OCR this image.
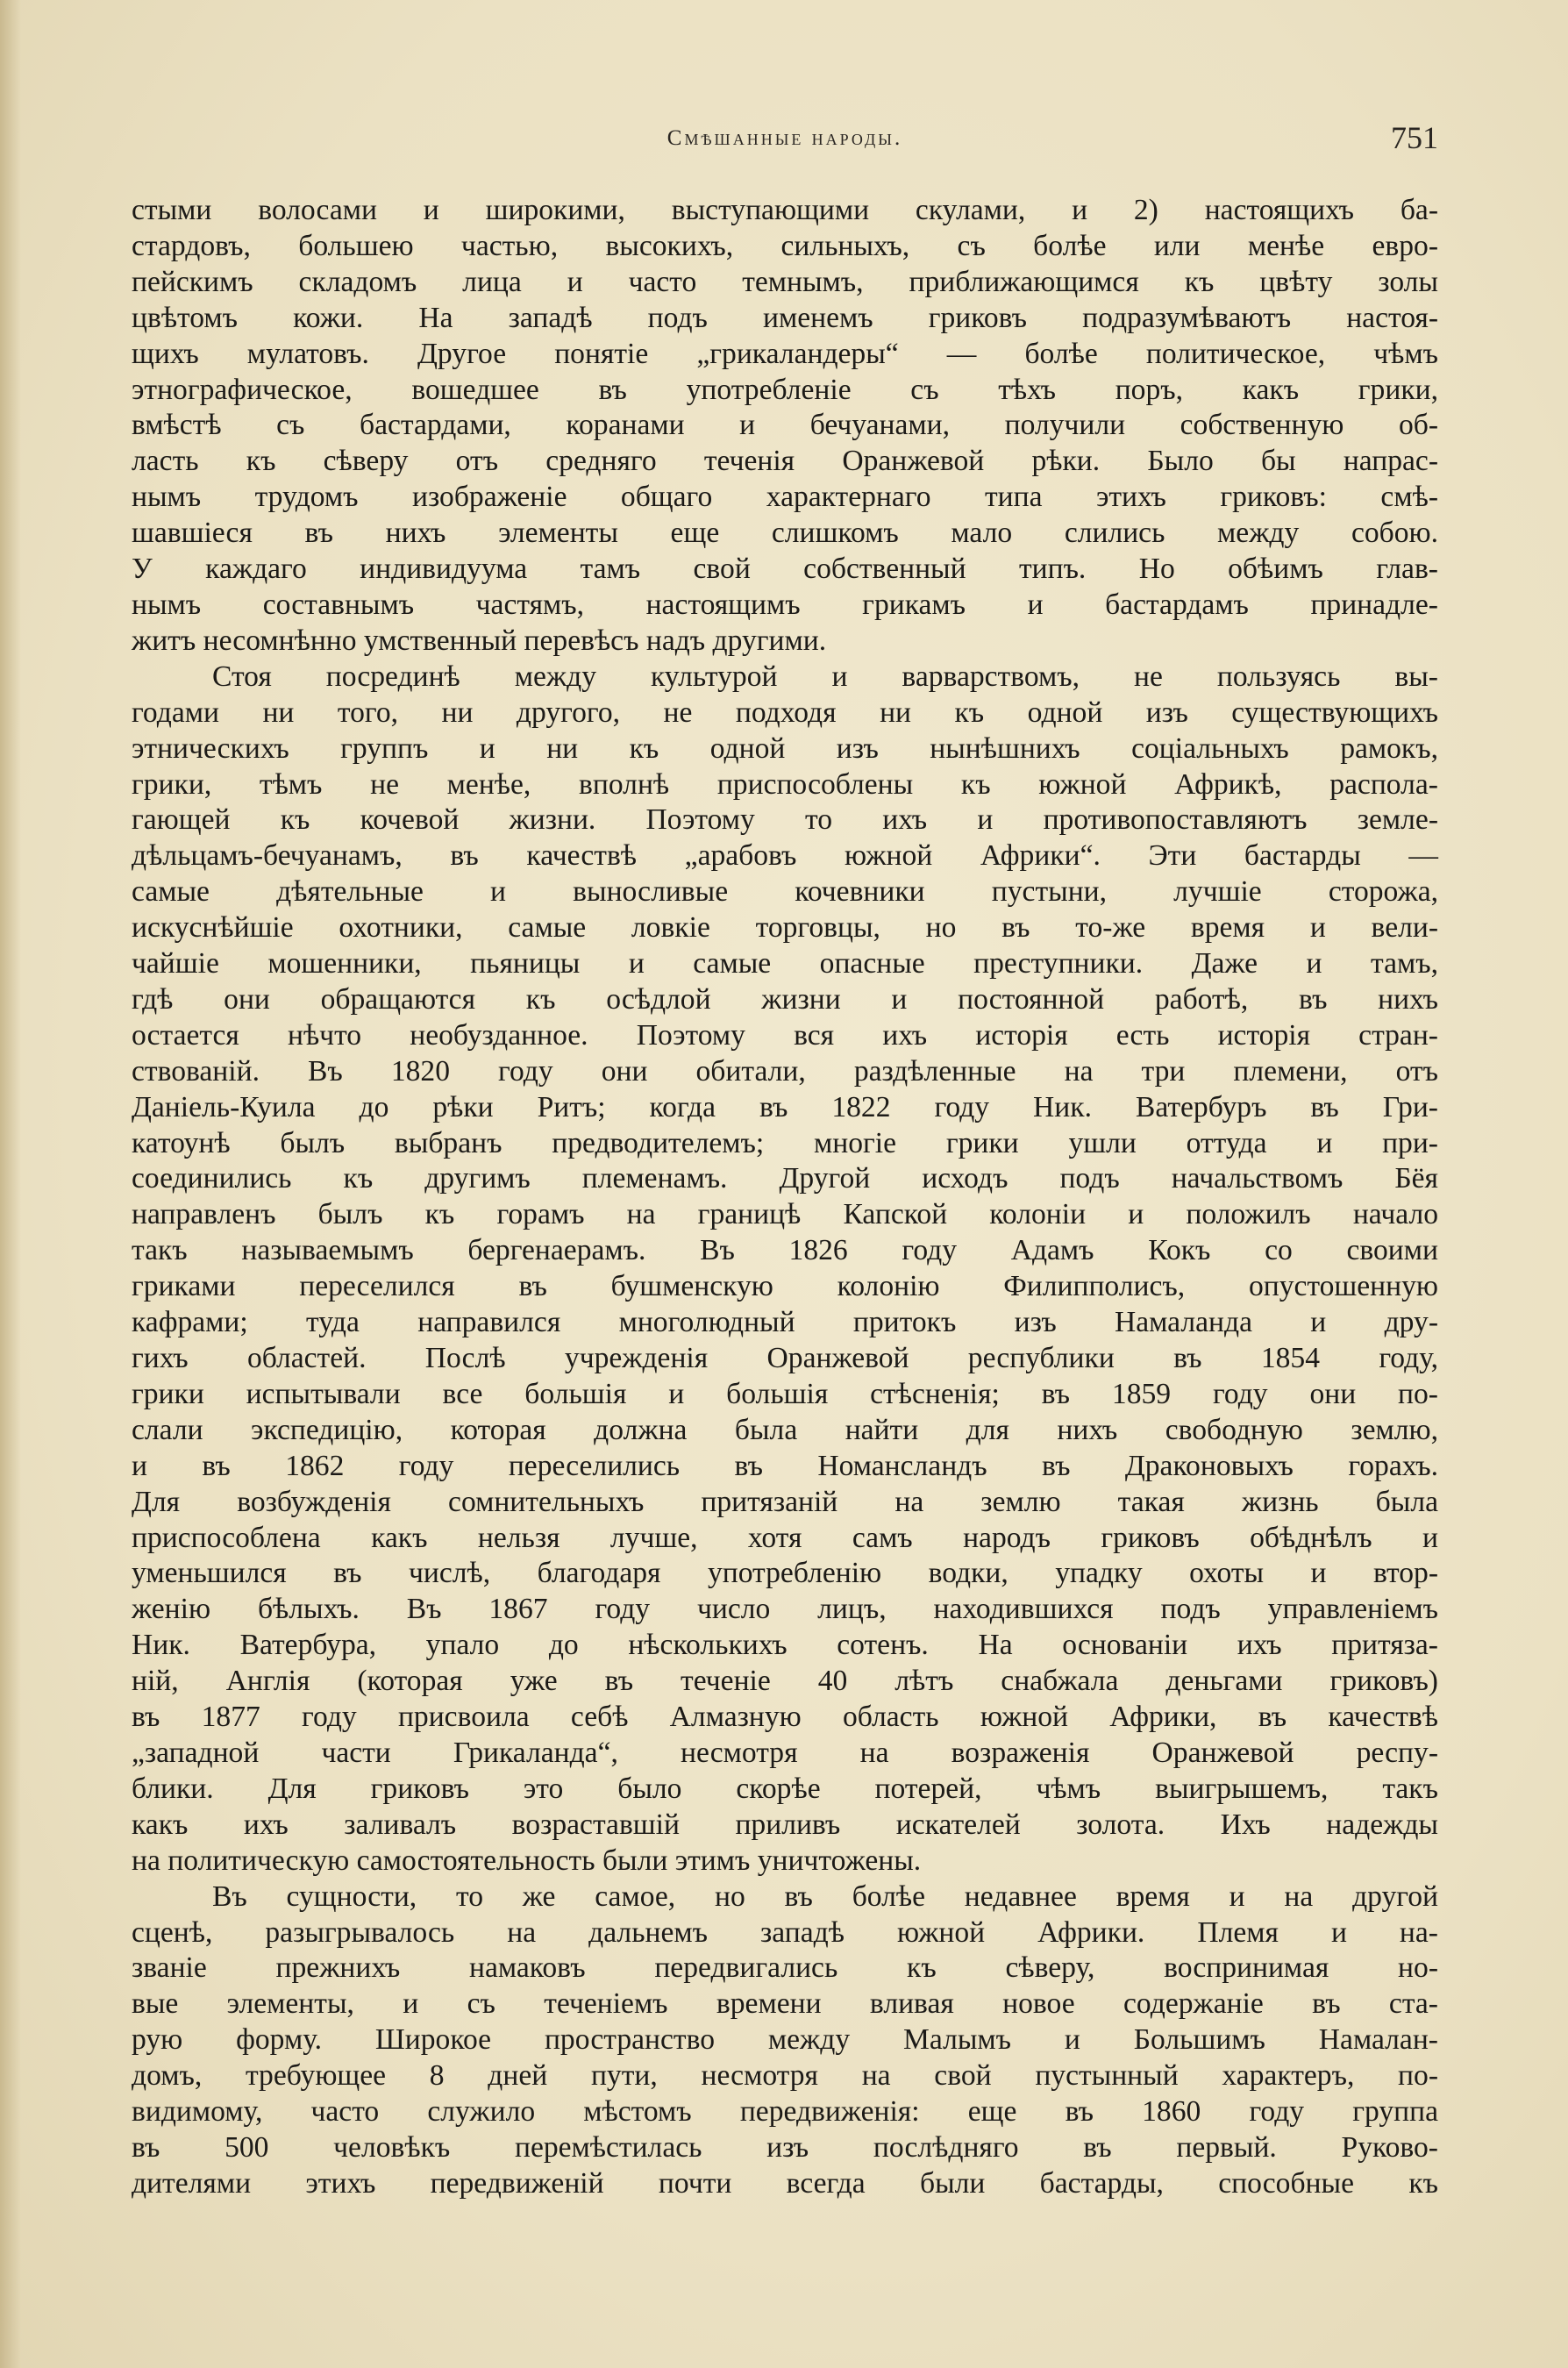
Смѣшанные народы.	751

стыми волосами и широкими, выступающими скулами, и 2) настоящихъ ба-
стардовъ, большею частью, высокихъ, сильныхъ, съ болѣе или менѣе евро-
пейскимъ складомъ лица и часто темнымъ, приближающимся къ цвѣту золы
цвѣтомъ кожи. На западѣ подъ именемъ гриковъ подразумѣваютъ настоя-
щихъ мулатовъ. Другое понятіе „грикаландеры“ — болѣе политическое, чѣмъ
этнографическое, вошедшее въ употребленіе съ тѣхъ поръ, какъ грики,
вмѣстѣ съ бастардами, коранами и бечуанами, получили собственную об-
ласть къ сѣверу отъ средняго теченія Оранжевой рѣки. Было бы напрас-
нымъ трудомъ изображеніе общаго характернаго типа этихъ гриковъ: смѣ-
шавшіеся въ нихъ элементы еще слишкомъ мало слились между собою.
У каждаго индивидуума тамъ свой собственный типъ. Но обѣимъ глав-
нымъ составнымъ частямъ, настоящимъ грикамъ и бастардамъ принадле-
житъ несомнѣнно умственный перевѣсъ надъ другими.

Стоя посрединѣ между культурой и варварствомъ, не пользуясь вы-
годами ни того, ни другого, не подходя ни къ одной изъ существующихъ
этническихъ группъ и ни къ одной изъ нынѣшнихъ соціальныхъ рамокъ,
грики, тѣмъ не менѣе, вполнѣ приспособлены къ южной Африкѣ, распола-
гающей къ кочевой жизни. Поэтому то ихъ и противопоставляютъ земле-
дѣльцамъ-бечуанамъ, въ качествѣ „арабовъ южной Африки“. Эти бастарды —
самые дѣятельные и выносливые кочевники пустыни, лучшіе сторожа,
искуснѣйшіе охотники, самые ловкіе торговцы, но въ то-же время и вели-
чайшіе мошенники, пьяницы и самые опасные преступники. Даже и тамъ,
гдѣ они обращаются къ осѣдлой жизни и постоянной работѣ, въ нихъ
остается нѣчто необузданное. Поэтому вся ихъ исторія есть исторія стран-
ствованій. Въ 1820 году они обитали, раздѣленные на три племени, отъ
Даніель-Куила до рѣки Ритъ; когда въ 1822 году Ник. Ватербуръ въ Гри-
катоунѣ былъ выбранъ предводителемъ; многіе грики ушли оттуда и при-
соединились къ другимъ племенамъ. Другой исходъ подъ начальствомъ Бёя
направленъ былъ къ горамъ на границѣ Капской колоніи и положилъ начало
такъ называемымъ бергенаерамъ. Въ 1826 году Адамъ Кокъ со своими
гриками переселился въ бушменскую колонію Филипполисъ, опустошенную
кафрами; туда направился многолюдный притокъ изъ Намаланда и дру-
гихъ областей. Послѣ учрежденія Оранжевой республики въ 1854 году,
грики испытывали все большія и большія стѣсненія; въ 1859 году они по-
слали экспедицію, которая должна была найти для нихъ свободную землю,
и въ 1862 году переселились въ Номансландъ въ Драконовыхъ горахъ.
Для возбужденія сомнительныхъ притязаній на землю такая жизнь была
приспособлена какъ нельзя лучше, хотя самъ народъ гриковъ обѣднѣлъ и
уменьшился въ числѣ, благодаря употребленію водки, упадку охоты и втор-
женію бѣлыхъ. Въ 1867 году число лицъ, находившихся подъ управленіемъ
Ник. Ватербура, упало до нѣсколькихъ сотенъ. На основаніи ихъ притяза-
ній, Англія (которая уже въ теченіе 40 лѣтъ снабжала деньгами гриковъ)
въ 1877 году присвоила себѣ Алмазную область южной Африки, въ качествѣ
„западной части Грикаланда“, несмотря на возраженія Оранжевой респу-
блики. Для гриковъ это было скорѣе потерей, чѣмъ выигрышемъ, такъ
какъ ихъ заливалъ возраставшій приливъ искателей золота. Ихъ надежды
на политическую самостоятельность были этимъ уничтожены.

Въ сущности, то же самое, но въ болѣе недавнее время и на другой
сценѣ, разыгрывалось на дальнемъ западѣ южной Африки. Племя и на-
званіе прежнихъ намаковъ передвигались къ сѣверу, воспринимая но-
вые элементы, и съ теченіемъ времени вливая новое содержаніе въ ста-
рую форму. Широкое пространство между Малымъ и Большимъ Намалан-
домъ, требующее 8 дней пути, несмотря на свой пустынный характеръ, по-
видимому, часто служило мѣстомъ передвиженія: еще въ 1860 году группа
въ 500 человѣкъ перемѣстилась изъ послѣдняго въ первый. Руково-
дителями этихъ передвиженій почти всегда были бастарды, способные къ
